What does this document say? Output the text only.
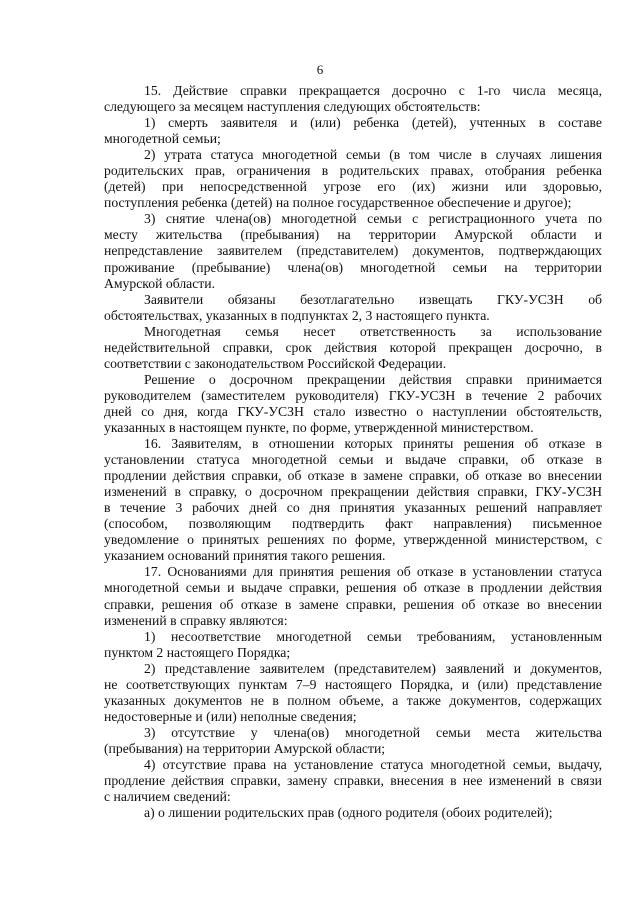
6
15. Действие справки прекращается досрочно с 1-го числа месяца,
следующего за месяцем наступления следующих обстоятельств:
1) смерть заявителя и (или) ребенка (детей), учтенных в составе
многодетной семьи;
2) утрата статуса многодетной семьи (в том числе в случаях лишения
родительских прав, ограничения в родительских правах, отобрания ребенка
(детей) при непосредственной угрозе его (их) жизни или здоровью,
поступления ребенка (детей) на полное государственное обеспечение и другое);
3) снятие члена(ов) многодетной семьи с регистрационного учета по
месту жительства (пребывания) на территории Амурской области и
непредставление заявителем (представителем) документов, подтверждающих
проживание (пребывание) члена(ов) многодетной семьи на территории
Амурской области.
Заявители обязаны безотлагательно извещать ГКУ-УСЗН об
обстоятельствах, указанных в подпунктах 2, 3 настоящего пункта.
Многодетная семья несет ответственность за использование
недействительной справки, срок действия которой прекращен досрочно, в
соответствии с законодательством Российской Федерации.
Решение о досрочном прекращении действия справки принимается
руководителем (заместителем руководителя) ГКУ-УСЗН в течение 2 рабочих
дней со дня, когда ГКУ-УСЗН стало известно о наступлении обстоятельств,
указанных в настоящем пункте, по форме, утвержденной министерством.
16. Заявителям, в отношении которых приняты решения об отказе в
установлении статуса многодетной семьи и выдаче справки, об отказе в
продлении действия справки, об отказе в замене справки, об отказе во внесении
изменений в справку, о досрочном прекращении действия справки, ГКУ-УСЗН
в течение 3 рабочих дней со дня принятия указанных решений направляет
(способом, позволяющим подтвердить факт направления) письменное
уведомление о принятых решениях по форме, утвержденной министерством, с
указанием оснований принятия такого решения.
17. Основаниями для принятия решения об отказе в установлении статуса
многодетной семьи и выдаче справки, решения об отказе в продлении действия
справки, решения об отказе в замене справки, решения об отказе во внесении
изменений в справку являются:
1) несоответствие многодетной семьи требованиям, установленным
пунктом 2 настоящего Порядка;
2) представление заявителем (представителем) заявлений и документов,
не соответствующих пунктам 7–9 настоящего Порядка, и (или) представление
указанных документов не в полном объеме, а также документов, содержащих
недостоверные и (или) неполные сведения;
3) отсутствие у члена(ов) многодетной семьи места жительства
(пребывания) на территории Амурской области;
4) отсутствие права на установление статуса многодетной семьи, выдачу,
продление действия справки, замену справки, внесения в нее изменений в связи
с наличием сведений:
а) о лишении родительских прав (одного родителя (обоих родителей);
